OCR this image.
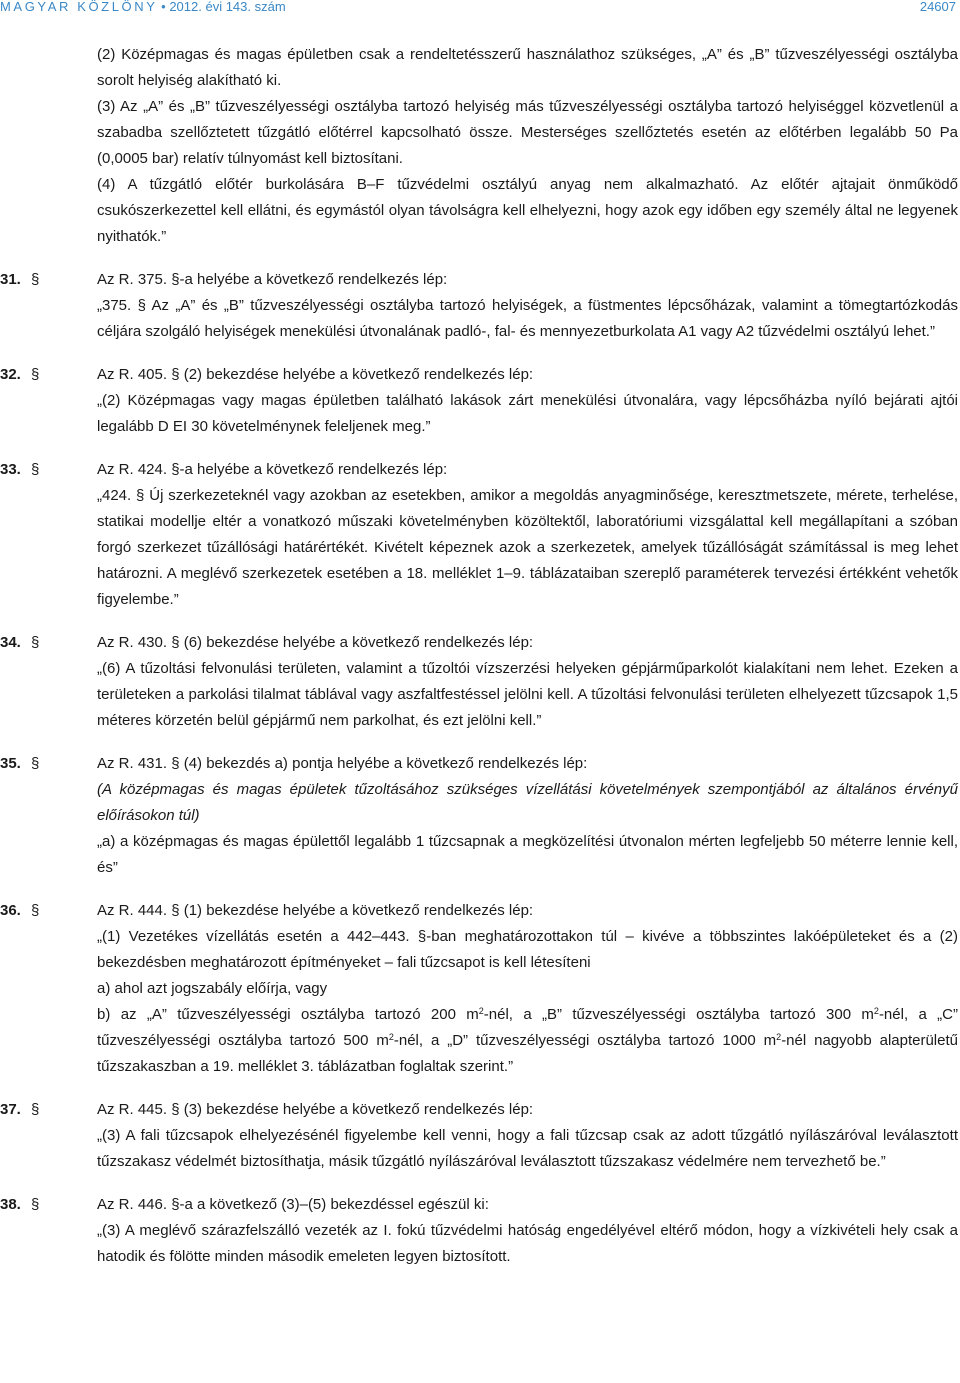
MAGYAR KÖZLÖNY • 2012. évi 143. szám	24607

(2) Középmagas és magas épületben csak a rendeltetésszerű használathoz szükséges, „A” és „B” tűzveszélyességi osztályba sorolt helyiség alakítható ki.

(3) Az „A” és „B” tűzveszélyességi osztályba tartozó helyiség más tűzveszélyességi osztályba tartozó helyiséggel közvetlenül a szabadba szellőztetett tűzgátló előtérrel kapcsolható össze. Mesterséges szellőztetés esetén az előtérben legalább 50 Pa (0,0005 bar) relatív túlnyomást kell biztosítani.

(4) A tűzgátló előtér burkolására B–F tűzvédelmi osztályú anyag nem alkalmazható. Az előtér ajtajait önműködő csukószerkezettel kell ellátni, és egymástól olyan távolságra kell elhelyezni, hogy azok egy időben egy személy által ne legyenek nyithatók.”

31. §	Az R. 375. §-a helyébe a következő rendelkezés lép:

„375. § Az „A” és „B” tűzveszélyességi osztályba tartozó helyiségek, a füstmentes lépcsőházak, valamint a tömegtartózkodás céljára szolgáló helyiségek menekülési útvonalának padló-, fal- és mennyezetburkolata A1 vagy A2 tűzvédelmi osztályú lehet.”

32. §	Az R. 405. § (2) bekezdése helyébe a következő rendelkezés lép:

„(2) Középmagas vagy magas épületben található lakások zárt menekülési útvonalára, vagy lépcsőházba nyíló bejárati ajtói legalább D EI 30 követelménynek feleljenek meg.”

33. §	Az R. 424. §-a helyébe a következő rendelkezés lép:

„424. § Új szerkezeteknél vagy azokban az esetekben, amikor a megoldás anyagminősége, keresztmetszete, mérete, terhelése, statikai modellje eltér a vonatkozó műszaki követelményben közöltektől, laboratóriumi vizsgálattal kell megállapítani a szóban forgó szerkezet tűzállósági határértékét. Kivételt képeznek azok a szerkezetek, amelyek tűzállóságát számítással is meg lehet határozni. A meglévő szerkezetek esetében a 18. melléklet 1–9. táblázataiban szereplő paraméterek tervezési értékként vehetők figyelembe.”

34. §	Az R. 430. § (6) bekezdése helyébe a következő rendelkezés lép:

„(6) A tűzoltási felvonulási területen, valamint a tűzoltói vízszerzési helyeken gépjárműparkolót kialakítani nem lehet. Ezeken a területeken a parkolási tilalmat táblával vagy aszfaltfestéssel jelölni kell. A tűzoltási felvonulási területen elhelyezett tűzcsapok 1,5 méteres körzetén belül gépjármű nem parkolhat, és ezt jelölni kell.”

35. §	Az R. 431. § (4) bekezdés a) pontja helyébe a következő rendelkezés lép:

(A középmagas és magas épületek tűzoltásához szükséges vízellátási követelmények szempontjából az általános érvényű előírásokon túl)

„a) a középmagas és magas épülettől legalább 1 tűzcsapnak a megközelítési útvonalon mérten legfeljebb 50 méterre lennie kell, és”

36. §	Az R. 444. § (1) bekezdése helyébe a következő rendelkezés lép:

„(1) Vezetékes vízellátás esetén a 442–443. §-ban meghatározottakon túl – kivéve a többszintes lakóépületeket és a (2) bekezdésben meghatározott építményeket – fali tűzcsapot is kell létesíteni

a) ahol azt jogszabály előírja, vagy

b) az „A” tűzveszélyességi osztályba tartozó 200 $m^2$-nél, a „B” tűzveszélyességi osztályba tartozó 300 $m^2$-nél, a „C” tűzveszélyességi osztályba tartozó 500 $m^2$-nél, a „D” tűzveszélyességi osztályba tartozó 1000 $m^2$-nél nagyobb alapterületű tűzszakaszban a 19. melléklet 3. táblázatban foglaltak szerint.”

37. §	Az R. 445. § (3) bekezdése helyébe a következő rendelkezés lép:

„(3) A fali tűzcsapok elhelyezésénél figyelembe kell venni, hogy a fali tűzcsap csak az adott tűzgátló nyílászáróval leválasztott tűzszakasz védelmét biztosíthatja, másik tűzgátló nyílászáróval leválasztott tűzszakasz védelmére nem tervezhető be.”

38. §	Az R. 446. §-a a következő (3)–(5) bekezdéssel egészül ki:

„(3) A meglévő szárazfelszálló vezeték az I. fokú tűzvédelmi hatóság engedélyével eltérő módon, hogy a vízkivételi hely csak a hatodik és fölötte minden második emeleten legyen biztosított.
